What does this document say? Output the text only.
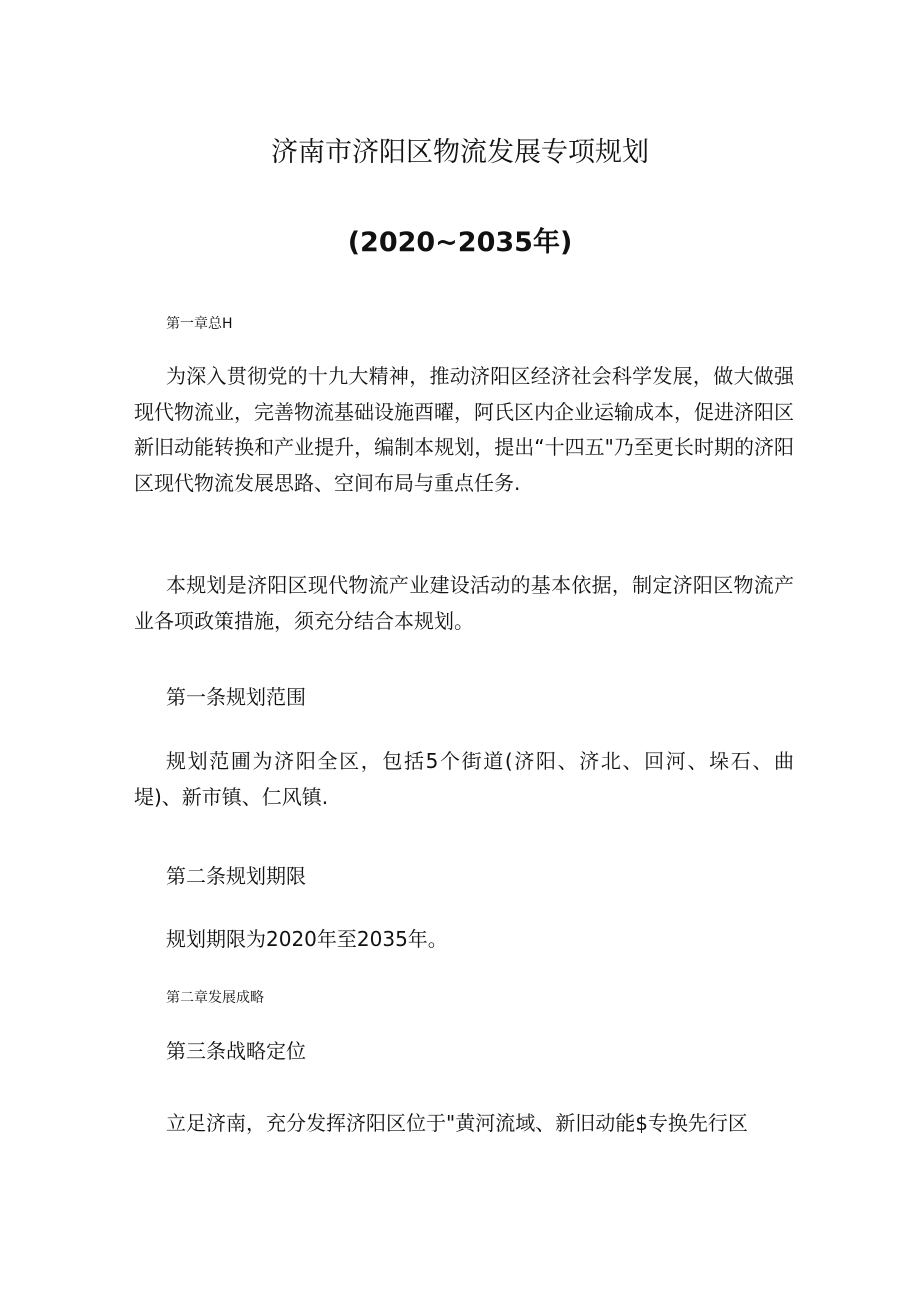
济南市济阳区物流发展专项规划
(2020~2035年)
第一章总H

为深入贯彻党的十九大精神，推动济阳区经济社会科学发展，做大做强现代物流业，完善物流基础设施酉曜，阿氏区内企业运输成本，促进济阳区新旧动能转换和产业提升，编制本规划，提出“十四五"乃至更长时期的济阳区现代物流发展思路、空间布局与重点任务.

本规划是济阳区现代物流产业建设活动的基本依据，制定济阳区物流产业各项政策措施，须充分结合本规划。

第一条规划范围

规划范圃为济阳全区，包括5个街道(济阳、济北、回河、垛石、曲堤)、新市镇、仁风镇.

第二条规划期限

规划期限为2020年至2035年。

第二章发展成略
第三条战略定位

立足济南，充分发挥济阳区位于"黄河流域、新旧动能$专换先行区
